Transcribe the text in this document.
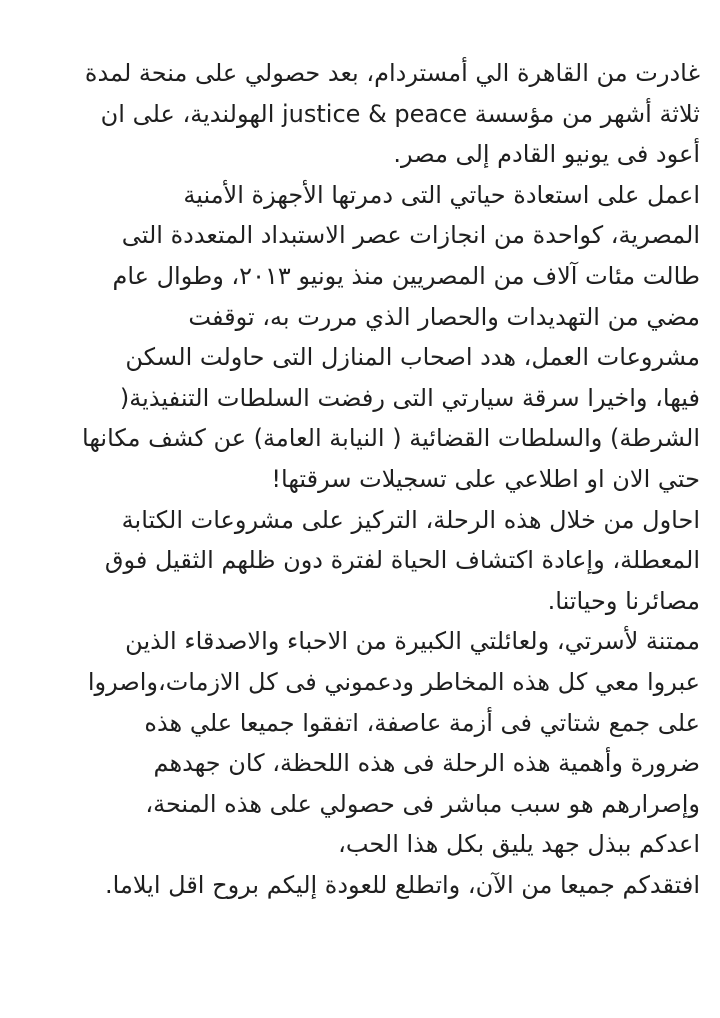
غادرت من القاهرة الي أمستردام، بعد حصولي على منحة لمدة
ثلاثة أشهر من مؤسسة justice & peace الهولندية، على ان
أعود فى يونيو القادم إلى مصر.
اعمل على استعادة حياتي التى دمرتها الأجهزة الأمنية
المصرية، كواحدة من انجازات عصر الاستبداد المتعددة التى
طالت مئات آلاف من المصريين منذ يونيو ٢٠١٣، وطوال عام
مضي من التهديدات والحصار الذي مررت به، توقفت
مشروعات العمل، هدد اصحاب المنازل التى حاولت السكن
فيها، واخيرا سرقة سيارتي التى رفضت السلطات التنفيذية(
الشرطة) والسلطات القضائية ( النيابة العامة) عن كشف مكانها
حتي الان او اطلاعي على تسجيلات سرقتها!
احاول من خلال هذه الرحلة، التركيز على مشروعات الكتابة
المعطلة، وإعادة اكتشاف الحياة لفترة دون ظلهم الثقيل فوق
مصائرنا وحياتنا.
ممتنة لأسرتي، ولعائلتي الكبيرة من الاحباء والاصدقاء الذين
عبروا معي كل هذه المخاطر ودعموني فى كل الازمات،واصروا
على جمع شتاتي فى أزمة عاصفة، اتفقوا جميعا علي هذه
ضرورة وأهمية هذه الرحلة فى هذه اللحظة، كان جهدهم
وإصرارهم هو سبب مباشر فى حصولي على هذه المنحة،
اعدكم ببذل جهد يليق بكل هذا الحب،
افتقدكم جميعا من الآن، واتطلع للعودة إليكم بروح اقل ايلاما.
